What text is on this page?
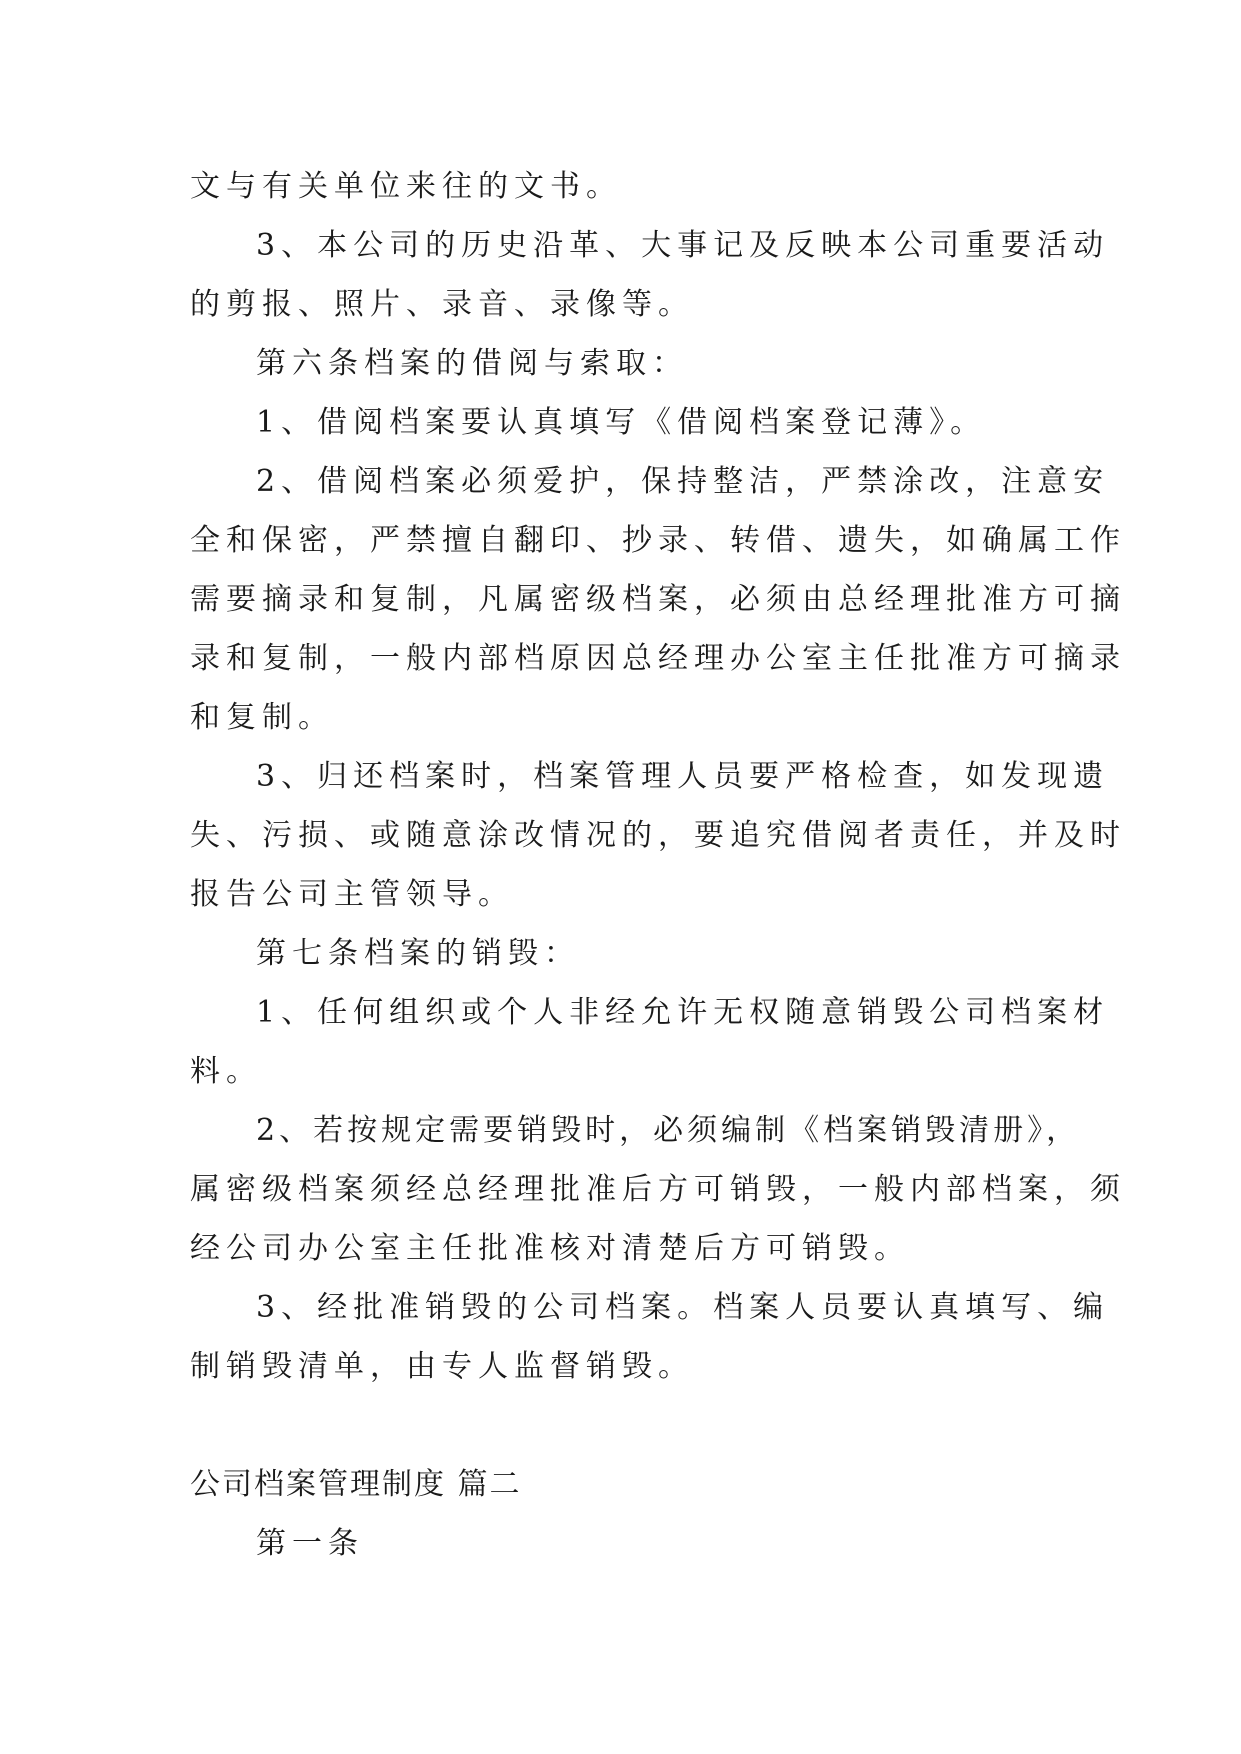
文与有关单位来往的文书。
3、本公司的历史沿革、大事记及反映本公司重要活动
的剪报、照片、录音、录像等。
第六条档案的借阅与索取：
1、借阅档案要认真填写《借阅档案登记薄》。
2、借阅档案必须爱护，保持整洁，严禁涂改，注意安
全和保密，严禁擅自翻印、抄录、转借、遗失，如确属工作
需要摘录和复制，凡属密级档案，必须由总经理批准方可摘
录和复制，一般内部档原因总经理办公室主任批准方可摘录
和复制。
3、归还档案时，档案管理人员要严格检查，如发现遗
失、污损、或随意涂改情况的，要追究借阅者责任，并及时
报告公司主管领导。
第七条档案的销毁：
1、任何组织或个人非经允许无权随意销毁公司档案材
料。
2、若按规定需要销毁时，必须编制《档案销毁清册》，
属密级档案须经总经理批准后方可销毁，一般内部档案，须
经公司办公室主任批准核对清楚后方可销毁。
3、经批准销毁的公司档案。档案人员要认真填写、编
制销毁清单，由专人监督销毁。
公司档案管理制度 篇二
第一条
